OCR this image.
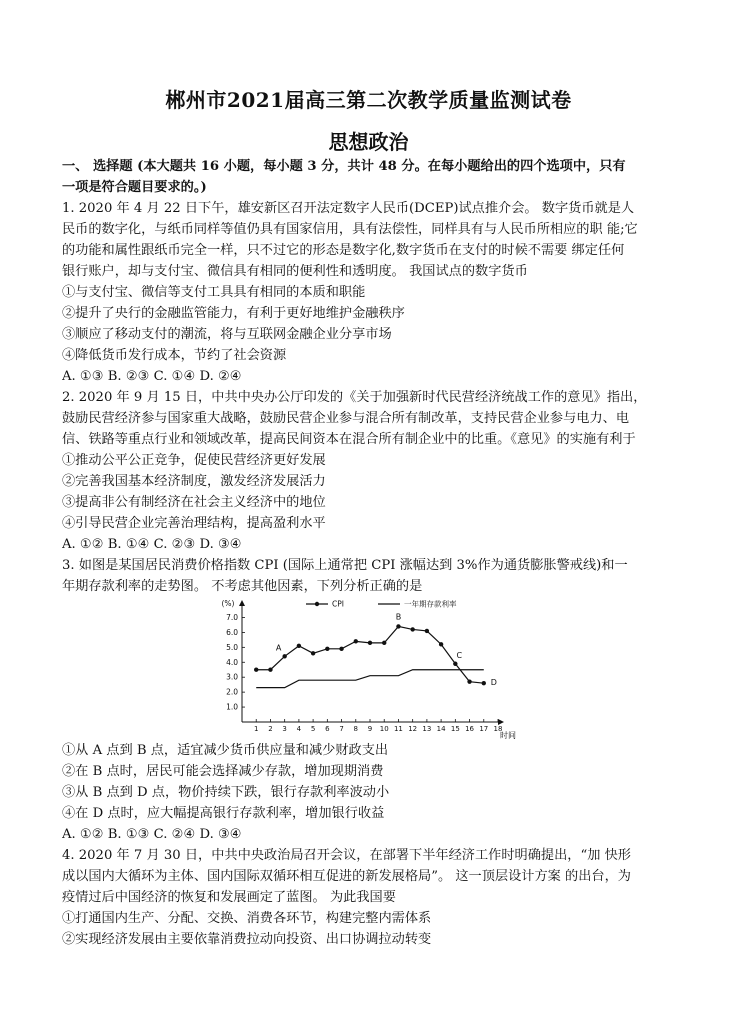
郴州市2021届高三第二次教学质量监测试卷
思想政治
一、 选择题 (本大题共 16 小题，每小题 3 分，共计 48 分。在每小题给出的四个选项中，只有
一项是符合题目要求的。)
1. 2020 年 4 月 22 日下午，雄安新区召开法定数字人民币(DCEP)试点推介会。 数字货币就是人
民币的数字化，与纸币同样等值仍具有国家信用，具有法偿性，同样具有与人民币所相应的职 能;它
的功能和属性跟纸币完全一样，只不过它的形态是数字化,数字货币在支付的时候不需要 绑定任何
银行账户，却与支付宝、微信具有相同的便利性和透明度。 我国试点的数字货币
①与支付宝、微信等支付工具具有相同的本质和职能
②提升了央行的金融监管能力，有利于更好地维护金融秩序
③顺应了移动支付的潮流，将与互联网金融企业分享市场
④降低货币发行成本，节约了社会资源
A. ①③ B. ②③ C. ①④ D. ②④
2. 2020 年 9 月 15 日，中共中央办公厅印发的《关于加强新时代民营经济统战工作的意见》指出，
鼓励民营经济参与国家重大战略，鼓励民营企业参与混合所有制改革，支持民营企业参与电力、电
信、铁路等重点行业和领域改革，提高民间资本在混合所有制企业中的比重。《意见》的实施有利于
①推动公平公正竞争，促使民营经济更好发展
②完善我国基本经济制度，激发经济发展活力
③提高非公有制经济在社会主义经济中的地位
④引导民营企业完善治理结构，提高盈利水平
A. ①② B. ①④ C. ②③ D. ③④
3. 如图是某国居民消费价格指数 CPI (国际上通常把 CPI 涨幅达到 3%作为通货膨胀警戒线)和一
年期存款利率的走势图。 不考虑其他因素，下列分析正确的是
1.0
2.0
3.0
4.0
5.0
6.0
7.0
(%)
1 2 3 4 5 6 7 8 9 10 11 12 13 14 15 16 17 18
时间
A
B
C
D
CPI	一年期存款利率
①从 A 点到 B 点，适宜减少货币供应量和减少财政支出
②在 B 点时，居民可能会选择减少存款，增加现期消费
③从 B 点到 D 点，物价持续下跌，银行存款利率波动小
④在 D 点时，应大幅提高银行存款利率，增加银行收益
A. ①② B. ①③ C. ②④ D. ③④
4. 2020 年 7 月 30 日，中共中央政治局召开会议，在部署下半年经济工作时明确提出，“加 快形
成以国内大循环为主体、国内国际双循环相互促进的新发展格局”。 这一顶层设计方案 的出台，为
疫情过后中国经济的恢复和发展画定了蓝图。 为此我国要
①打通国内生产、分配、交换、消费各环节，构建完整内需体系
②实现经济发展由主要依靠消费拉动向投资、出口协调拉动转变
